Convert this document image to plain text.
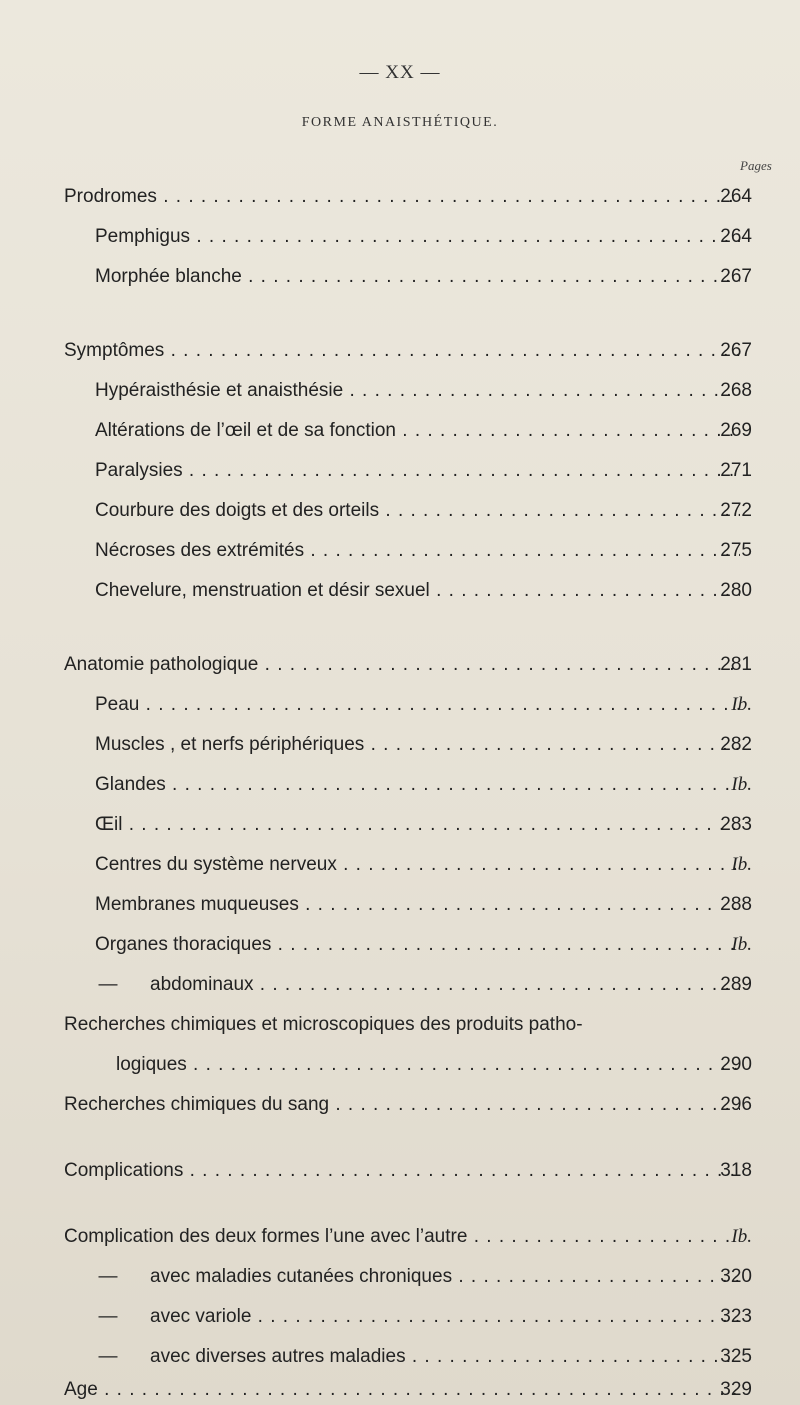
— XX —
FORME ANAISTHÉTIQUE.
Pages
Prodromes . . .	264
Pemphigus . . .	264
Morphée blanche . . .	267
Symptômes . . .	267
Hypéraisthésie et anaisthésie . . .	268
Altérations de l’œil et de sa fonction . . .	269
Paralysies . . .	271
Courbure des doigts et des orteils . . .	272
Nécroses des extrémités . . .	275
Chevelure, menstruation et désir sexuel . . .	280
Anatomie pathologique . . .	281
Peau . . .	Ib.
Muscles , et nerfs périphériques . . .	282
Glandes . . .	Ib.
Œil . . .	283
Centres du système nerveux . . .	Ib.
Membranes muqueuses . . .	288
Organes thoraciques . . .	Ib.
— abdominaux . . .	289
Recherches chimiques et microscopiques des produits patho-
logiques . . .	290
Recherches chimiques du sang . . .	296
Complications . . .	318
Complication des deux formes l’une avec l’autre . . .	Ib.
— avec maladies cutanées chroniques . . .	320
— avec variole . . .	323
— avec diverses autres maladies . . .	325
Age . . .	329
